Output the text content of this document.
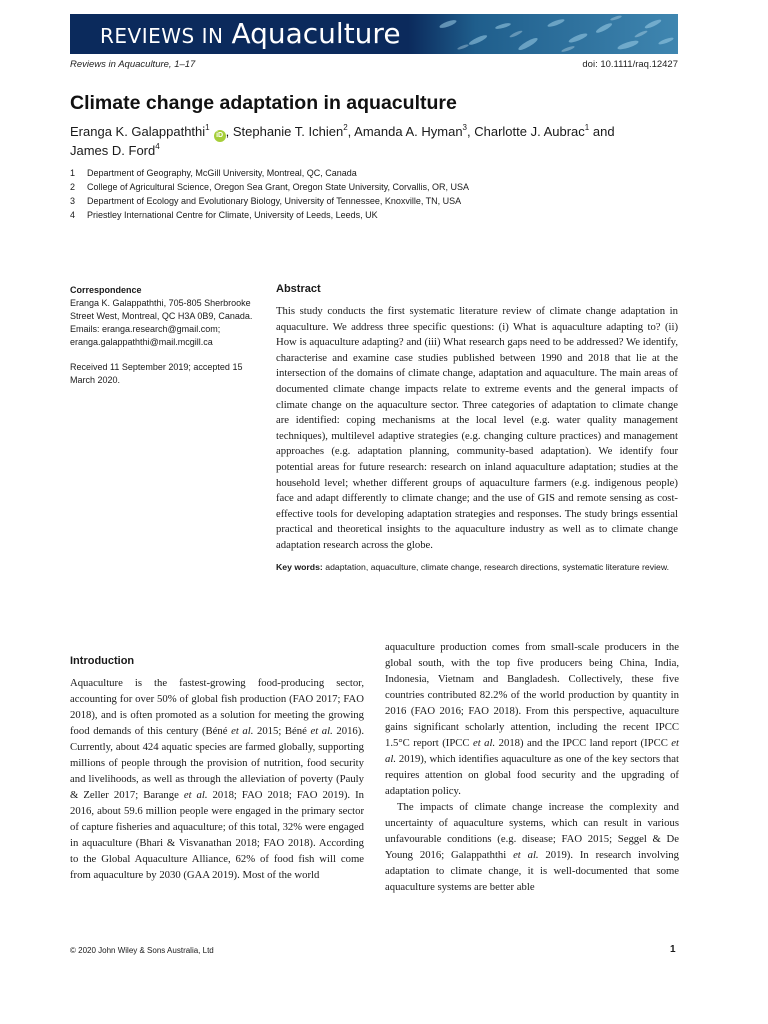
REVIEWS IN Aquaculture
Reviews in Aquaculture, 1–17	doi: 10.1111/raq.12427
Climate change adaptation in aquaculture
Eranga K. Galappaththi$^1$iD , Stephanie T. Ichien$^2$, Amanda A. Hyman$^3$, Charlotte J. Aubrac$^1$ and
James D. Ford$^4$
1 Department of Geography, McGill University, Montreal, QC, Canada
2 College of Agricultural Science, Oregon Sea Grant, Oregon State University, Corvallis, OR, USA
3 Department of Ecology and Evolutionary Biology, University of Tennessee, Knoxville, TN, USA
4 Priestley International Centre for Climate, University of Leeds, Leeds, UK
Correspondence
Eranga K. Galappaththi, 705-805 Sherbrooke Street West, Montreal, QC H3A 0B9, Canada. Emails: eranga.research@gmail.com; eranga.galappaththi@mail.mcgill.ca
Received 11 September 2019; accepted 15 March 2020.
Abstract
This study conducts the first systematic literature review of climate change adaptation in aquaculture. We address three specific questions: (i) What is aquaculture adapting to? (ii) How is aquaculture adapting? and (iii) What research gaps need to be addressed? We identify, characterise and examine case studies published between 1990 and 2018 that lie at the intersection of the domains of climate change, adaptation and aquaculture. The main areas of documented climate change impacts relate to extreme events and the general impacts of climate change on the aquaculture sector. Three categories of adaptation to climate change are identified: coping mechanisms at the local level (e.g. water quality management techniques), multilevel adaptive strategies (e.g. changing culture practices) and management approaches (e.g. adaptation planning, community-based adaptation). We identify four potential areas for future research: research on inland aquaculture adaptation; studies at the household level; whether different groups of aquaculture farmers (e.g. indigenous people) face and adapt differently to climate change; and the use of GIS and remote sensing as cost-effective tools for developing adaptation strategies and responses. The study brings essential practical and theoretical insights to the aquaculture industry as well as to climate change adaptation research across the globe.
Key words: adaptation, aquaculture, climate change, research directions, systematic literature review.
Introduction

Aquaculture is the fastest-growing food-producing sector, accounting for over 50% of global fish production (FAO 2017; FAO 2018), and is often promoted as a solution for meeting the growing food demands of this century (Béné et al. 2015; Béné et al. 2016). Currently, about 424 aquatic species are farmed globally, supporting millions of people through the provision of nutrition, food security and livelihoods, as well as through the alleviation of poverty (Pauly & Zeller 2017; Barange et al. 2018; FAO 2018; FAO 2019). In 2016, about 59.6 million people were engaged in the primary sector of capture fisheries and aquaculture; of this total, 32% were engaged in aquaculture (Bhari & Visvanathan 2018; FAO 2018). According to the Global Aquaculture Alliance, 62% of food fish will come from aquaculture by 2030 (GAA 2019). Most of the world

aquaculture production comes from small-scale producers in the global south, with the top five producers being China, India, Indonesia, Vietnam and Bangladesh. Collectively, these five countries contributed 82.2% of the world production by quantity in 2016 (FAO 2016; FAO 2018). From this perspective, aquaculture gains significant scholarly attention, including the recent IPCC 1.5°C report (IPCC et al. 2018) and the IPCC land report (IPCC et al. 2019), which identifies aquaculture as one of the key sectors that requires attention on global food security and the upgrading of adaptation policy.

The impacts of climate change increase the complexity and uncertainty of aquaculture systems, which can result in various unfavourable conditions (e.g. disease; FAO 2015; Seggel & De Young 2016; Galappaththi et al. 2019). In research involving adaptation to climate change, it is well-documented that some aquaculture systems are better able

© 2020 John Wiley & Sons Australia, Ltd	1
